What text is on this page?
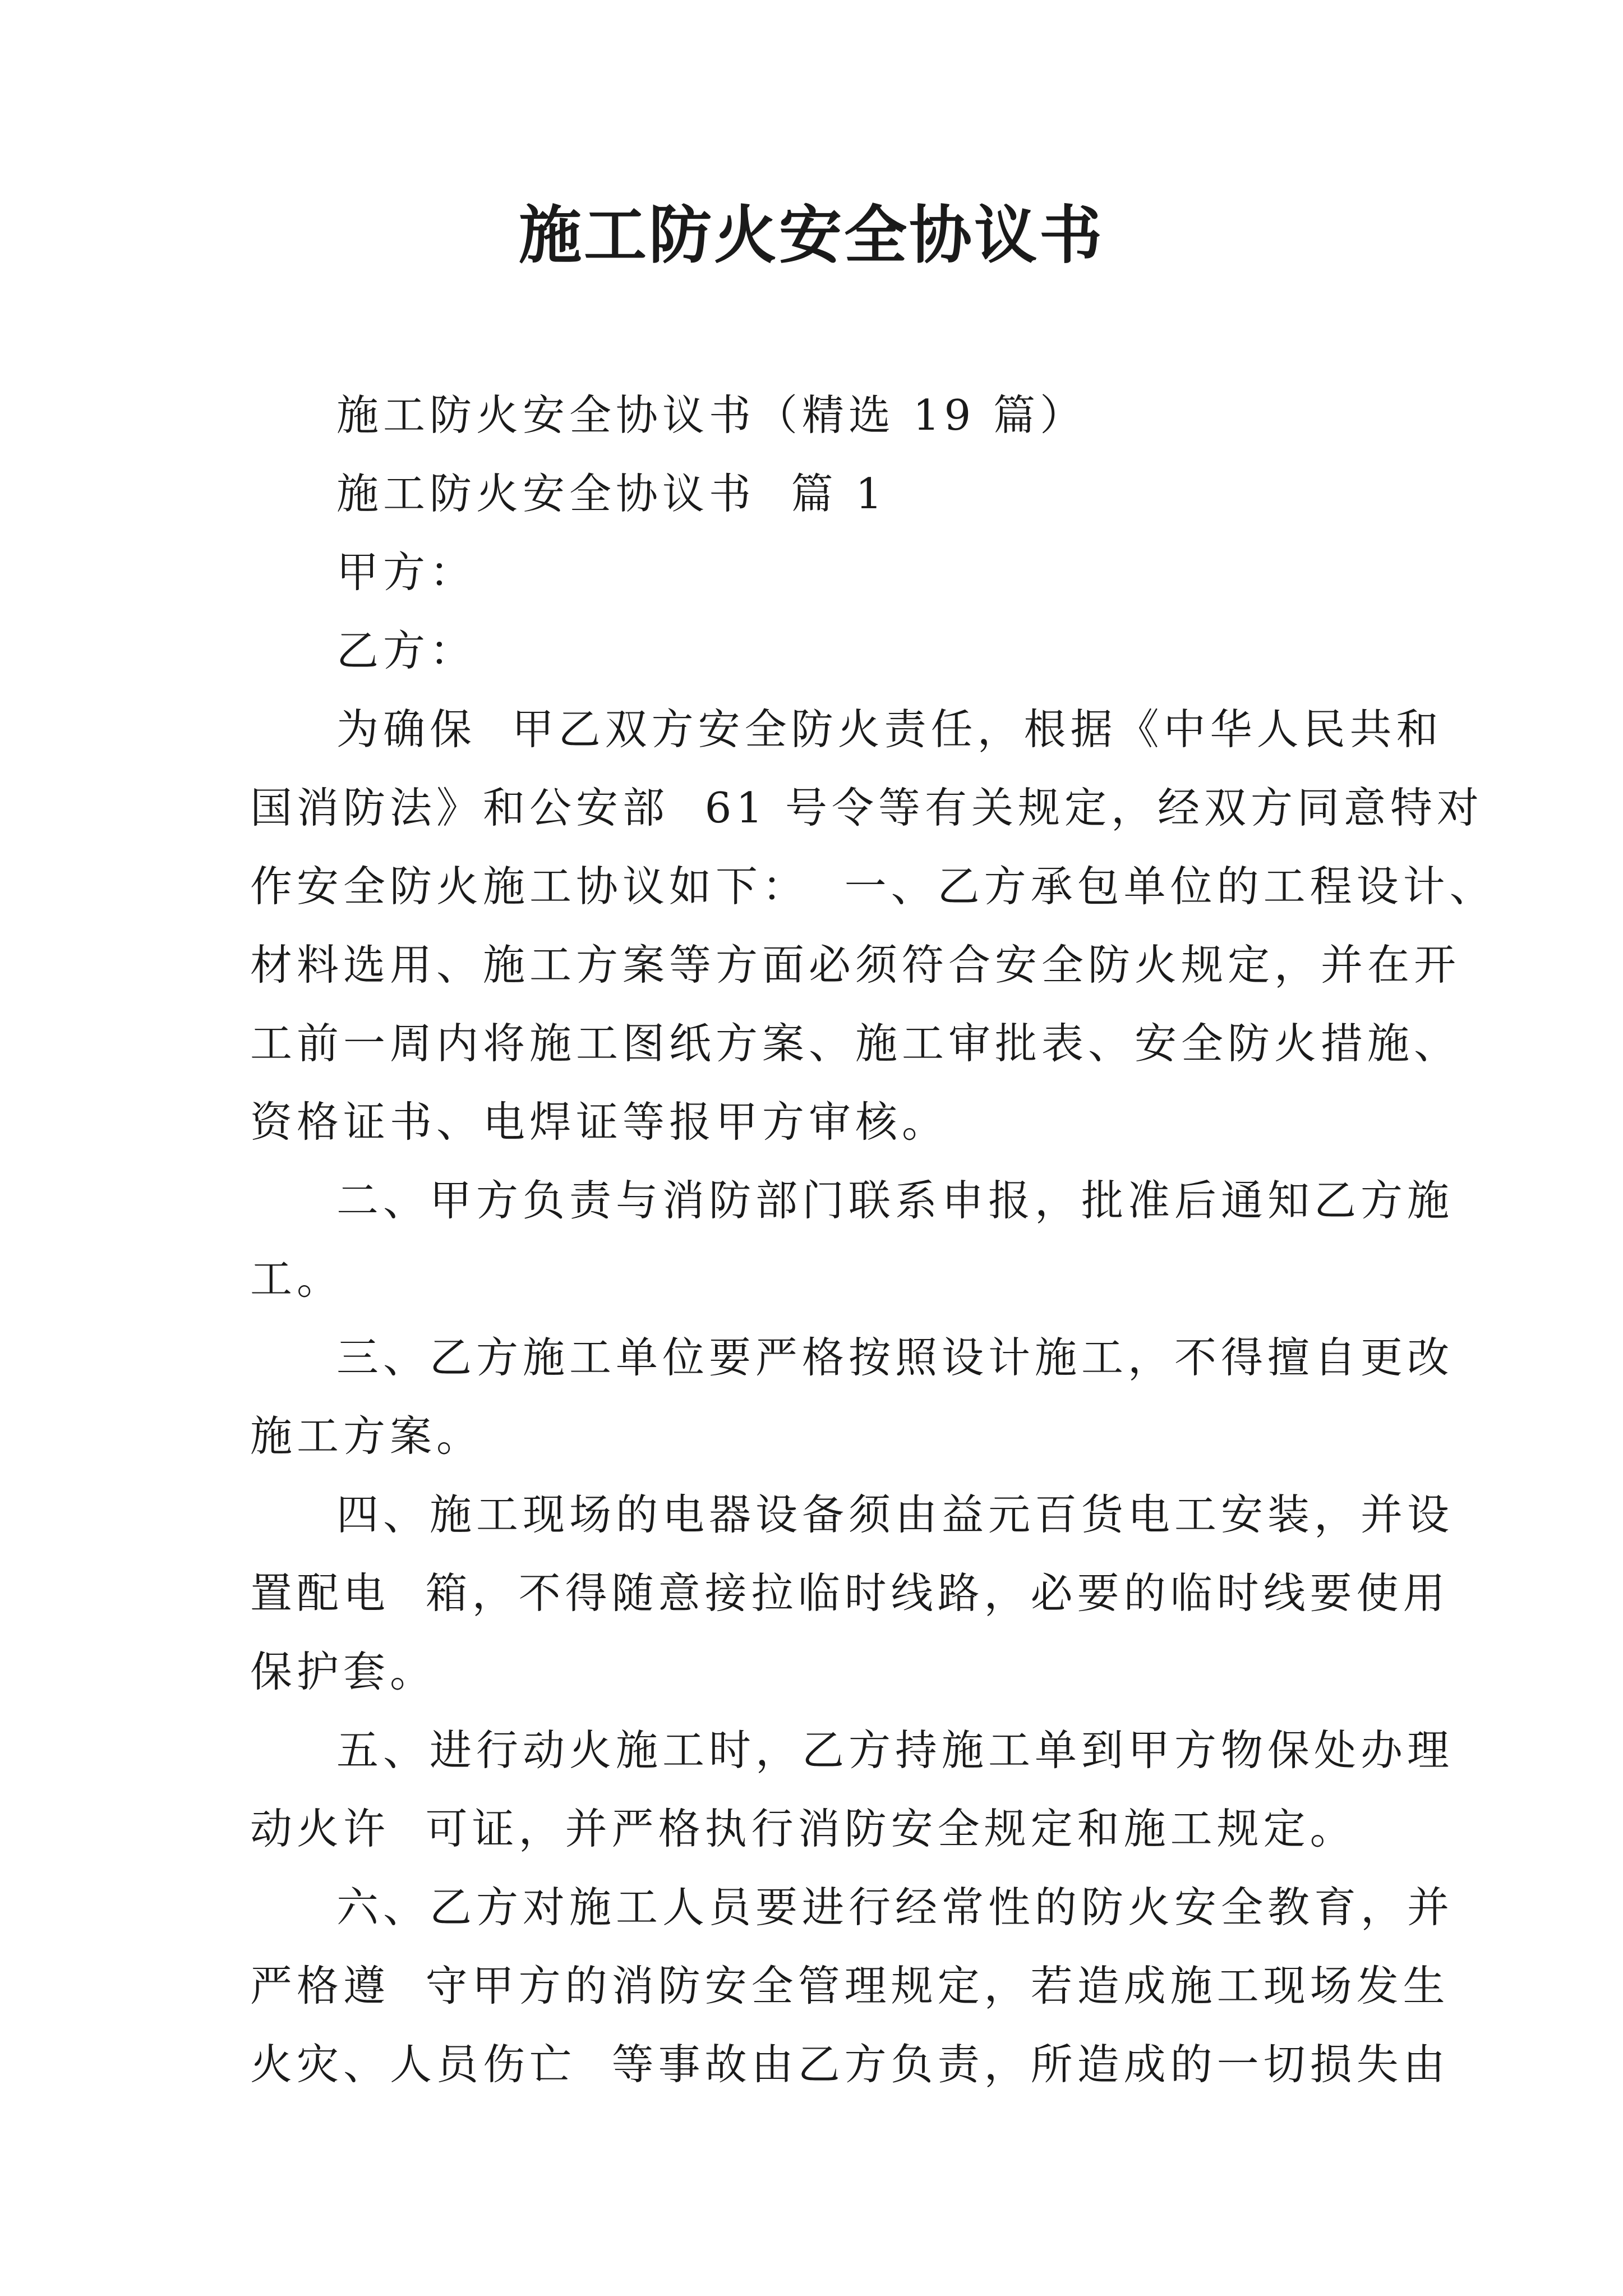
施工防火安全协议书
施工防火安全协议书（精选 19 篇）
施工防火安全协议书  篇 1
甲方：
乙方：
为确保  甲乙双方安全防火责任，根据《中华人民共和
国消防法》和公安部  61 号令等有关规定，经双方同意特对
作安全防火施工协议如下：  一、乙方承包单位的工程设计、
材料选用、施工方案等方面必须符合安全防火规定，并在开
工前一周内将施工图纸方案、施工审批表、安全防火措施、
资格证书、电焊证等报甲方审核。
二、甲方负责与消防部门联系申报，批准后通知乙方施
工。
三、乙方施工单位要严格按照设计施工，不得擅自更改
施工方案。
四、施工现场的电器设备须由益元百货电工安装，并设
置配电  箱，不得随意接拉临时线路，必要的临时线要使用
保护套。
五、进行动火施工时，乙方持施工单到甲方物保处办理
动火许  可证，并严格执行消防安全规定和施工规定。
六、乙方对施工人员要进行经常性的防火安全教育，并
严格遵  守甲方的消防安全管理规定，若造成施工现场发生
火灾、人员伤亡  等事故由乙方负责，所造成的一切损失由
